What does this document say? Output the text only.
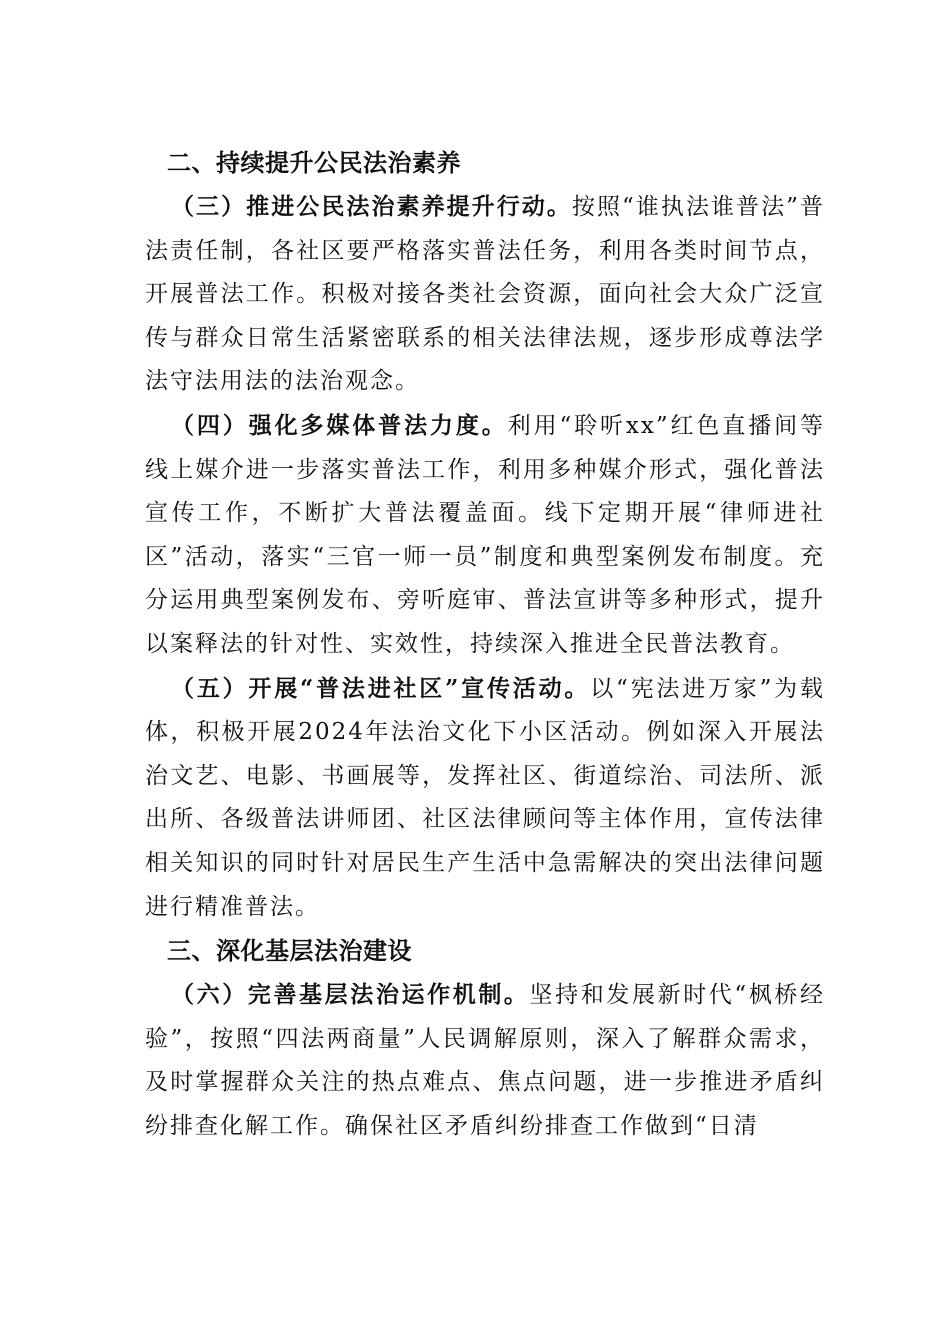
二、持续提升公民法治素养

（三）推进公民法治素养提升行动。按照“谁执法谁普法”普法责任制，各社区要严格落实普法任务，利用各类时间节点，开展普法工作。积极对接各类社会资源，面向社会大众广泛宣传与群众日常生活紧密联系的相关法律法规，逐步形成尊法学法守法用法的法治观念。

（四）强化多媒体普法力度。利用“聆听xx”红色直播间等线上媒介进一步落实普法工作，利用多种媒介形式，强化普法宣传工作，不断扩大普法覆盖面。线下定期开展“律师进社区”活动，落实“三官一师一员”制度和典型案例发布制度。充分运用典型案例发布、旁听庭审、普法宣讲等多种形式，提升以案释法的针对性、实效性，持续深入推进全民普法教育。

（五）开展“普法进社区”宣传活动。以“宪法进万家”为载体，积极开展2024年法治文化下小区活动。例如深入开展法治文艺、电影、书画展等，发挥社区、街道综治、司法所、派出所、各级普法讲师团、社区法律顾问等主体作用，宣传法律相关知识的同时针对居民生产生活中急需解决的突出法律问题进行精准普法。

三、深化基层法治建设

（六）完善基层法治运作机制。坚持和发展新时代“枫桥经验”，按照“四法两商量”人民调解原则，深入了解群众需求，及时掌握群众关注的热点难点、焦点问题，进一步推进矛盾纠纷排查化解工作。确保社区矛盾纠纷排查工作做到“日清
